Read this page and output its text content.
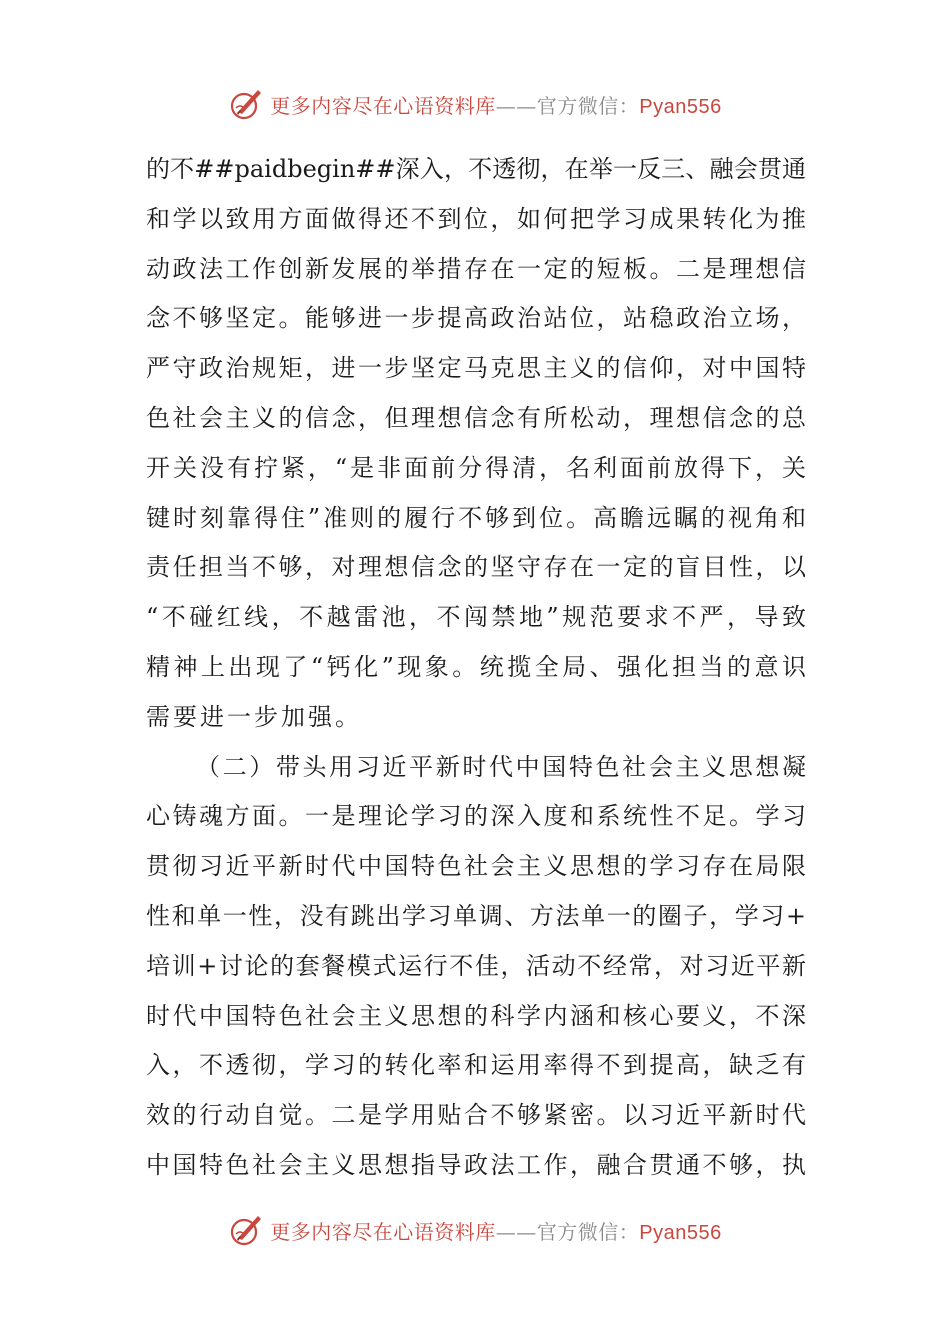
更多内容尽在心语资料库——官方微信：Pyan556
的不##paidbegin##深入，不透彻，在举一反三、融会贯通
和学以致用方面做得还不到位，如何把学习成果转化为推
动政法工作创新发展的举措存在一定的短板。二是理想信
念不够坚定。能够进一步提高政治站位，站稳政治立场，
严守政治规矩，进一步坚定马克思主义的信仰，对中国特
色社会主义的信念，但理想信念有所松动，理想信念的总
开关没有拧紧，“是非面前分得清，名利面前放得下，关
键时刻靠得住”准则的履行不够到位。高瞻远瞩的视角和
责任担当不够，对理想信念的坚守存在一定的盲目性，以
“不碰红线，不越雷池，不闯禁地”规范要求不严，导致
精神上出现了“钙化”现象。统揽全局、强化担当的意识
需要进一步加强。
（二）带头用习近平新时代中国特色社会主义思想凝
心铸魂方面。一是理论学习的深入度和系统性不足。学习
贯彻习近平新时代中国特色社会主义思想的学习存在局限
性和单一性，没有跳出学习单调、方法单一的圈子，学习+
培训+讨论的套餐模式运行不佳，活动不经常，对习近平新
时代中国特色社会主义思想的科学内涵和核心要义，不深
入，不透彻，学习的转化率和运用率得不到提高，缺乏有
效的行动自觉。二是学用贴合不够紧密。以习近平新时代
中国特色社会主义思想指导政法工作，融合贯通不够，执
更多内容尽在心语资料库——官方微信：Pyan556
